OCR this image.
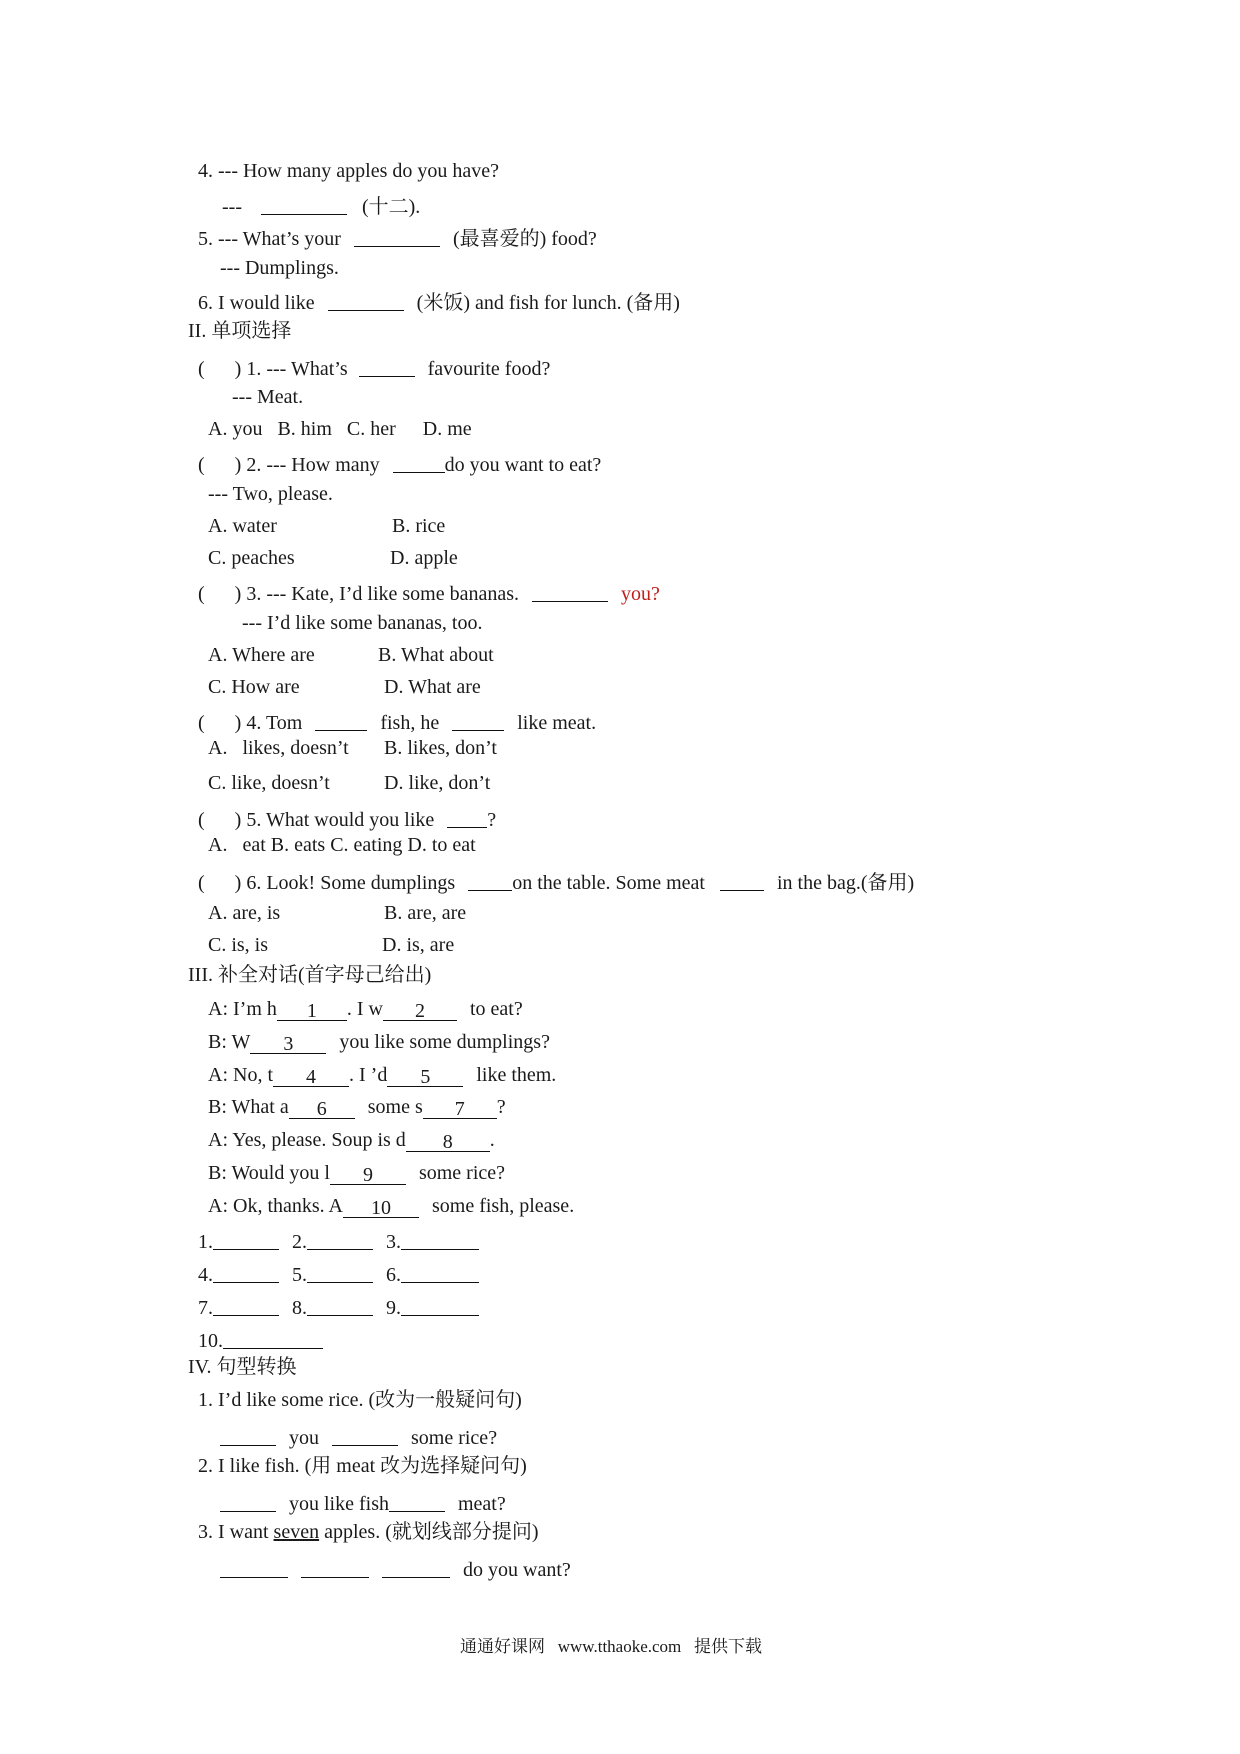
4. --- How many apples do you have?
---	(十二).
5. --- What’s your	(最喜爱的) food?
--- Dumplings.
6. I would like	(米饭) and fish for lunch. (备用)
II. 单项选择
(      ) 1. --- What’s	favourite food?
--- Meat.
A. you B. him C. her D. me
(      ) 2. --- How many	do you want to eat?
--- Two, please.
A. water	B. rice
C. peaches	D. apple
(      ) 3. --- Kate, I’d like some bananas.	you?
--- I’d like some bananas, too.
A. Where are	B. What about
C. How are	D. What are
(      ) 4. Tom	fish, he	like meat.
A.   likes, doesn’t B. likes, don’t
C. like, doesn’t	D. like, don’t
(      ) 5. What would you like	?
A.   eat B. eats C. eating D. to eat
(      ) 6. Look! Some dumplings	on the table. Some meat	in the bag.(备用)
A. are, is	B. are, are
C. is, is	D. is, are
III. 补全对话(首字母己给出)
A: I’m h 1 . I w 2 to eat?
B: W 3 you like some dumplings?
A: No, t 4 . I ’d 5 like them.
B: What a 6 some s 7 ?
A: Yes, please. Soup is d 8 .
B: Would you l 9 some rice?
A: Ok, thanks. A 10 some fish, please.
1.	2.	3.
4.	5.	6.
7.	8.	9.
10.
IV. 句型转换
1. I’d like some rice. (改为一般疑问句)
you	some rice?
2. I like fish. (用 meat 改为选择疑问句)
you like fish	meat?
3. I want seven apples. (就划线部分提问)
do you want?
通通好课网   www.tthaoke.com   提供下载
